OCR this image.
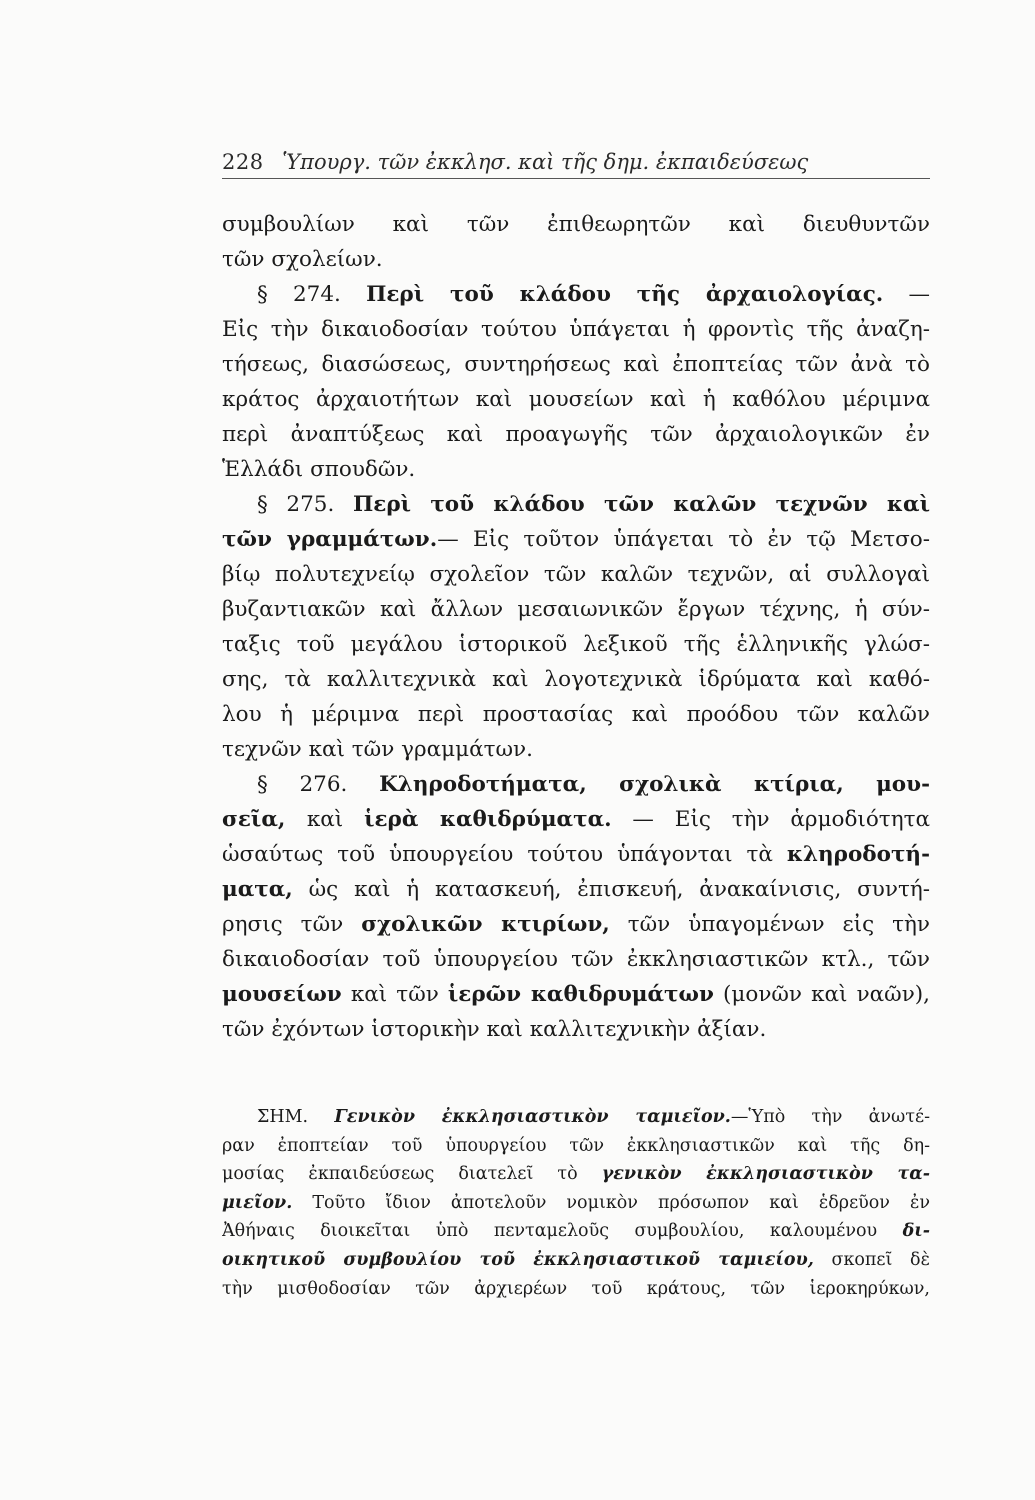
228 Ὑπουργ. τῶν ἐκκλησ. καὶ τῆς δημ. ἐκπαιδεύσεως
συμβουλίων καὶ τῶν ἐπιθεωρητῶν καὶ διευθυντῶν
τῶν σχολείων.
§ 274. Περὶ τοῦ κλάδου τῆς ἀρχαιολογίας. —
Εἰς τὴν δικαιοδοσίαν τούτου ὑπάγεται ἡ φροντὶς τῆς ἀναζη-
τήσεως, διασώσεως, συντηρήσεως καὶ ἐποπτείας τῶν ἀνὰ τὸ
κράτος ἀρχαιοτήτων καὶ μουσείων καὶ ἡ καθόλου μέριμνα
περὶ ἀναπτύξεως καὶ προαγωγῆς τῶν ἀρχαιολογικῶν ἐν
Ἑλλάδι σπουδῶν.
§ 275. Περὶ τοῦ κλάδου τῶν καλῶν τεχνῶν καὶ
τῶν γραμμάτων.— Εἰς τοῦτον ὑπάγεται τὸ ἐν τῷ Μετσο-
βίῳ πολυτεχνείῳ σχολεῖον τῶν καλῶν τεχνῶν, αἱ συλλογαὶ
βυζαντιακῶν καὶ ἄλλων μεσαιωνικῶν ἔργων τέχνης, ἡ σύν-
ταξις τοῦ μεγάλου ἱστορικοῦ λεξικοῦ τῆς ἑλληνικῆς γλώσ-
σης, τὰ καλλιτεχνικὰ καὶ λογοτεχνικὰ ἱδρύματα καὶ καθό-
λου ἡ μέριμνα περὶ προστασίας καὶ προόδου τῶν καλῶν
τεχνῶν καὶ τῶν γραμμάτων.
§ 276. Κληροδοτήματα, σχολικὰ κτίρια, μου-
σεῖα, καὶ ἱερὰ καθιδρύματα. — Εἰς τὴν ἁρμοδιότητα
ὡσαύτως τοῦ ὑπουργείου τούτου ὑπάγονται τὰ κληροδοτή-
ματα, ὡς καὶ ἡ κατασκευή, ἐπισκευή, ἀνακαίνισις, συντή-
ρησις τῶν σχολικῶν κτιρίων, τῶν ὑπαγομένων εἰς τὴν
δικαιοδοσίαν τοῦ ὑπουργείου τῶν ἐκκλησιαστικῶν κτλ., τῶν
μουσείων καὶ τῶν ἱερῶν καθιδρυμάτων (μονῶν καὶ ναῶν),
τῶν ἐχόντων ἱστορικὴν καὶ καλλιτεχνικὴν ἀξίαν.
ΣΗΜ. Γενικὸν ἐκκλησιαστικὸν ταμιεῖον.—Ὑπὸ τὴν ἀνωτέ-
ραν ἐποπτείαν τοῦ ὑπουργείου τῶν ἐκκλησιαστικῶν καὶ τῆς δη-
μοσίας ἐκπαιδεύσεως διατελεῖ τὸ γενικὸν ἐκκλησιαστικὸν τα-
μιεῖον. Τοῦτο ἴδιον ἀποτελοῦν νομικὸν πρόσωπον καὶ ἑδρεῦον ἐν
Ἀθήναις διοικεῖται ὑπὸ πενταμελοῦς συμβουλίου, καλουμένου δι-
οικητικοῦ συμβουλίου τοῦ ἐκκλησιαστικοῦ ταμιείου, σκοπεῖ δὲ
τὴν μισθοδοσίαν τῶν ἀρχιερέων τοῦ κράτους, τῶν ἱεροκηρύκων,
